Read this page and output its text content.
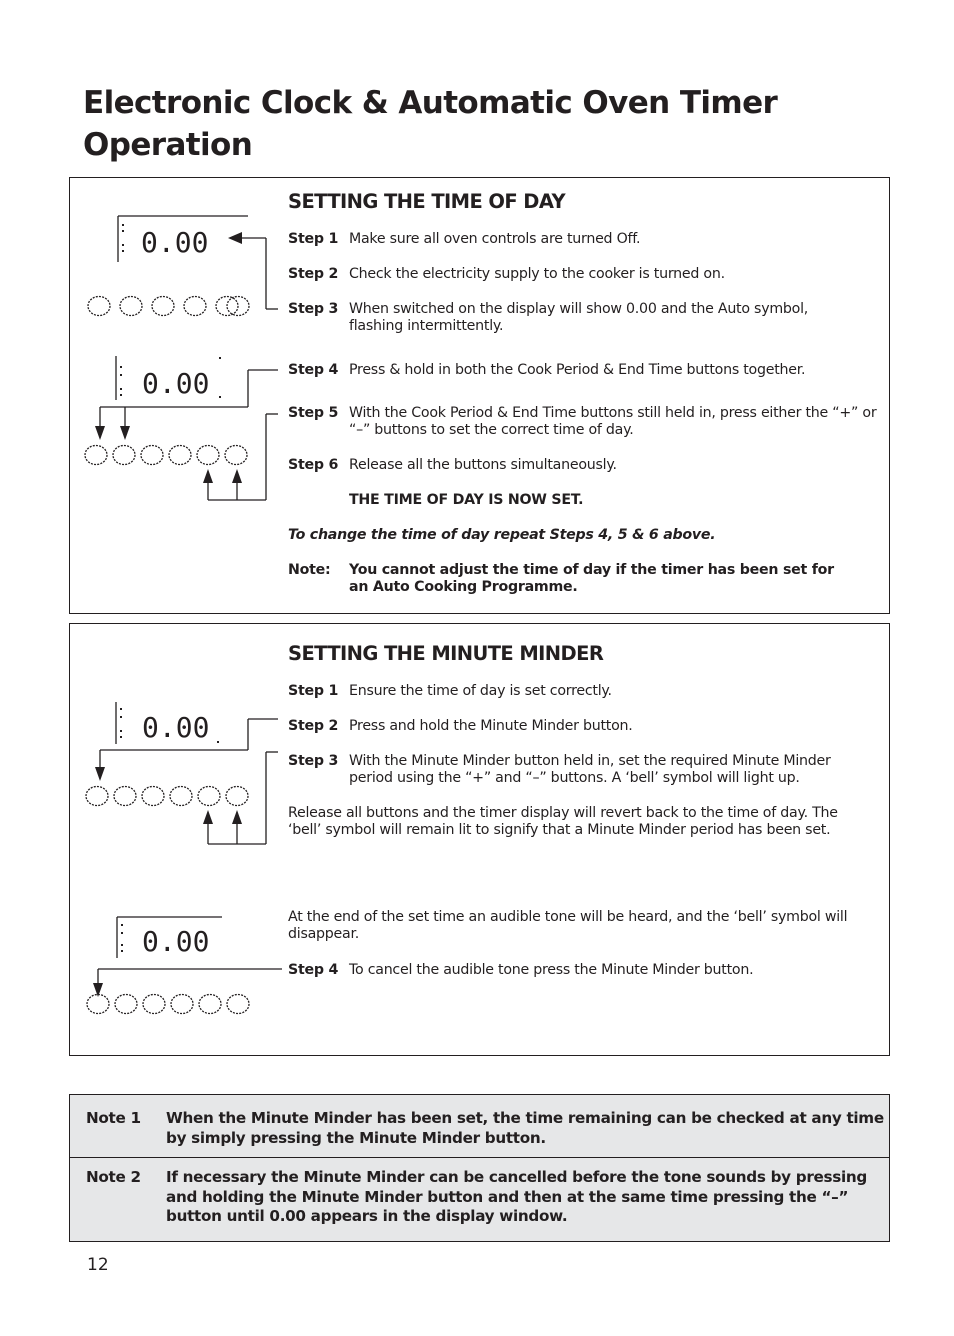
Electronic Clock & Automatic Oven Timer Operation
SETTING THE TIME OF DAY
Step 1 Make sure all oven controls are turned Off.
Step 2 Check the electricity supply to the cooker is turned on.
Step 3 When switched on the display will show 0.00 and the Auto symbol, flashing intermittently.
Step 4 Press & hold in both the Cook Period & End Time buttons together.
Step 5 With the Cook Period & End Time buttons still held in, press either the “+” or “–” buttons to set the correct time of day.
Step 6 Release all the buttons simultaneously.
THE TIME OF DAY IS NOW SET.
To change the time of day repeat Steps 4, 5 & 6 above.
Note: You cannot adjust the time of day if the timer has been set for an Auto Cooking Programme.
0.00
0.00
SETTING THE MINUTE MINDER
Step 1 Ensure the time of day is set correctly.
Step 2 Press and hold the Minute Minder button.
Step 3 With the Minute Minder button held in, set the required Minute Minder period using the “+” and “–” buttons. A ‘bell’ symbol will light up.
Release all buttons and the timer display will revert back to the time of day. The ‘bell’ symbol will remain lit to signify that a Minute Minder period has been set.
At the end of the set time an audible tone will be heard, and the ‘bell’ symbol will disappear.
Step 4 To cancel the audible tone press the Minute Minder button.
0.00
0.00
Note 1 When the Minute Minder has been set, the time remaining can be checked at any time by simply pressing the Minute Minder button.
Note 2 If necessary the Minute Minder can be cancelled before the tone sounds by pressing and holding the Minute Minder button and then at the same time pressing the “–” button until 0.00 appears in the display window.
12
